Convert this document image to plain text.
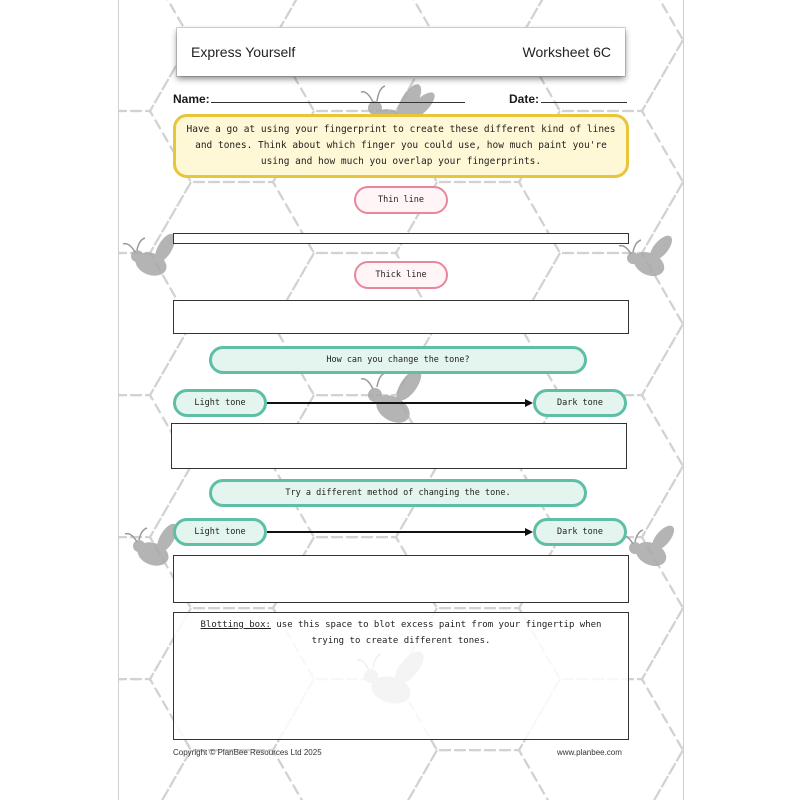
Express Yourself	Worksheet 6C
Name:	Date:
Have a go at using your fingerprint to create these different kind of lines and tones. Think about which finger you could use, how much paint you're using and how much you overlap your fingerprints.
Thin line
Thick line
How can you change the tone?
Light tone	Dark tone
Try a different method of changing the tone.
Light tone	Dark tone
Blotting box: use this space to blot excess paint from your fingertip when trying to create different tones.
Copyright © PlanBee Resources Ltd 2025	www.planbee.com
